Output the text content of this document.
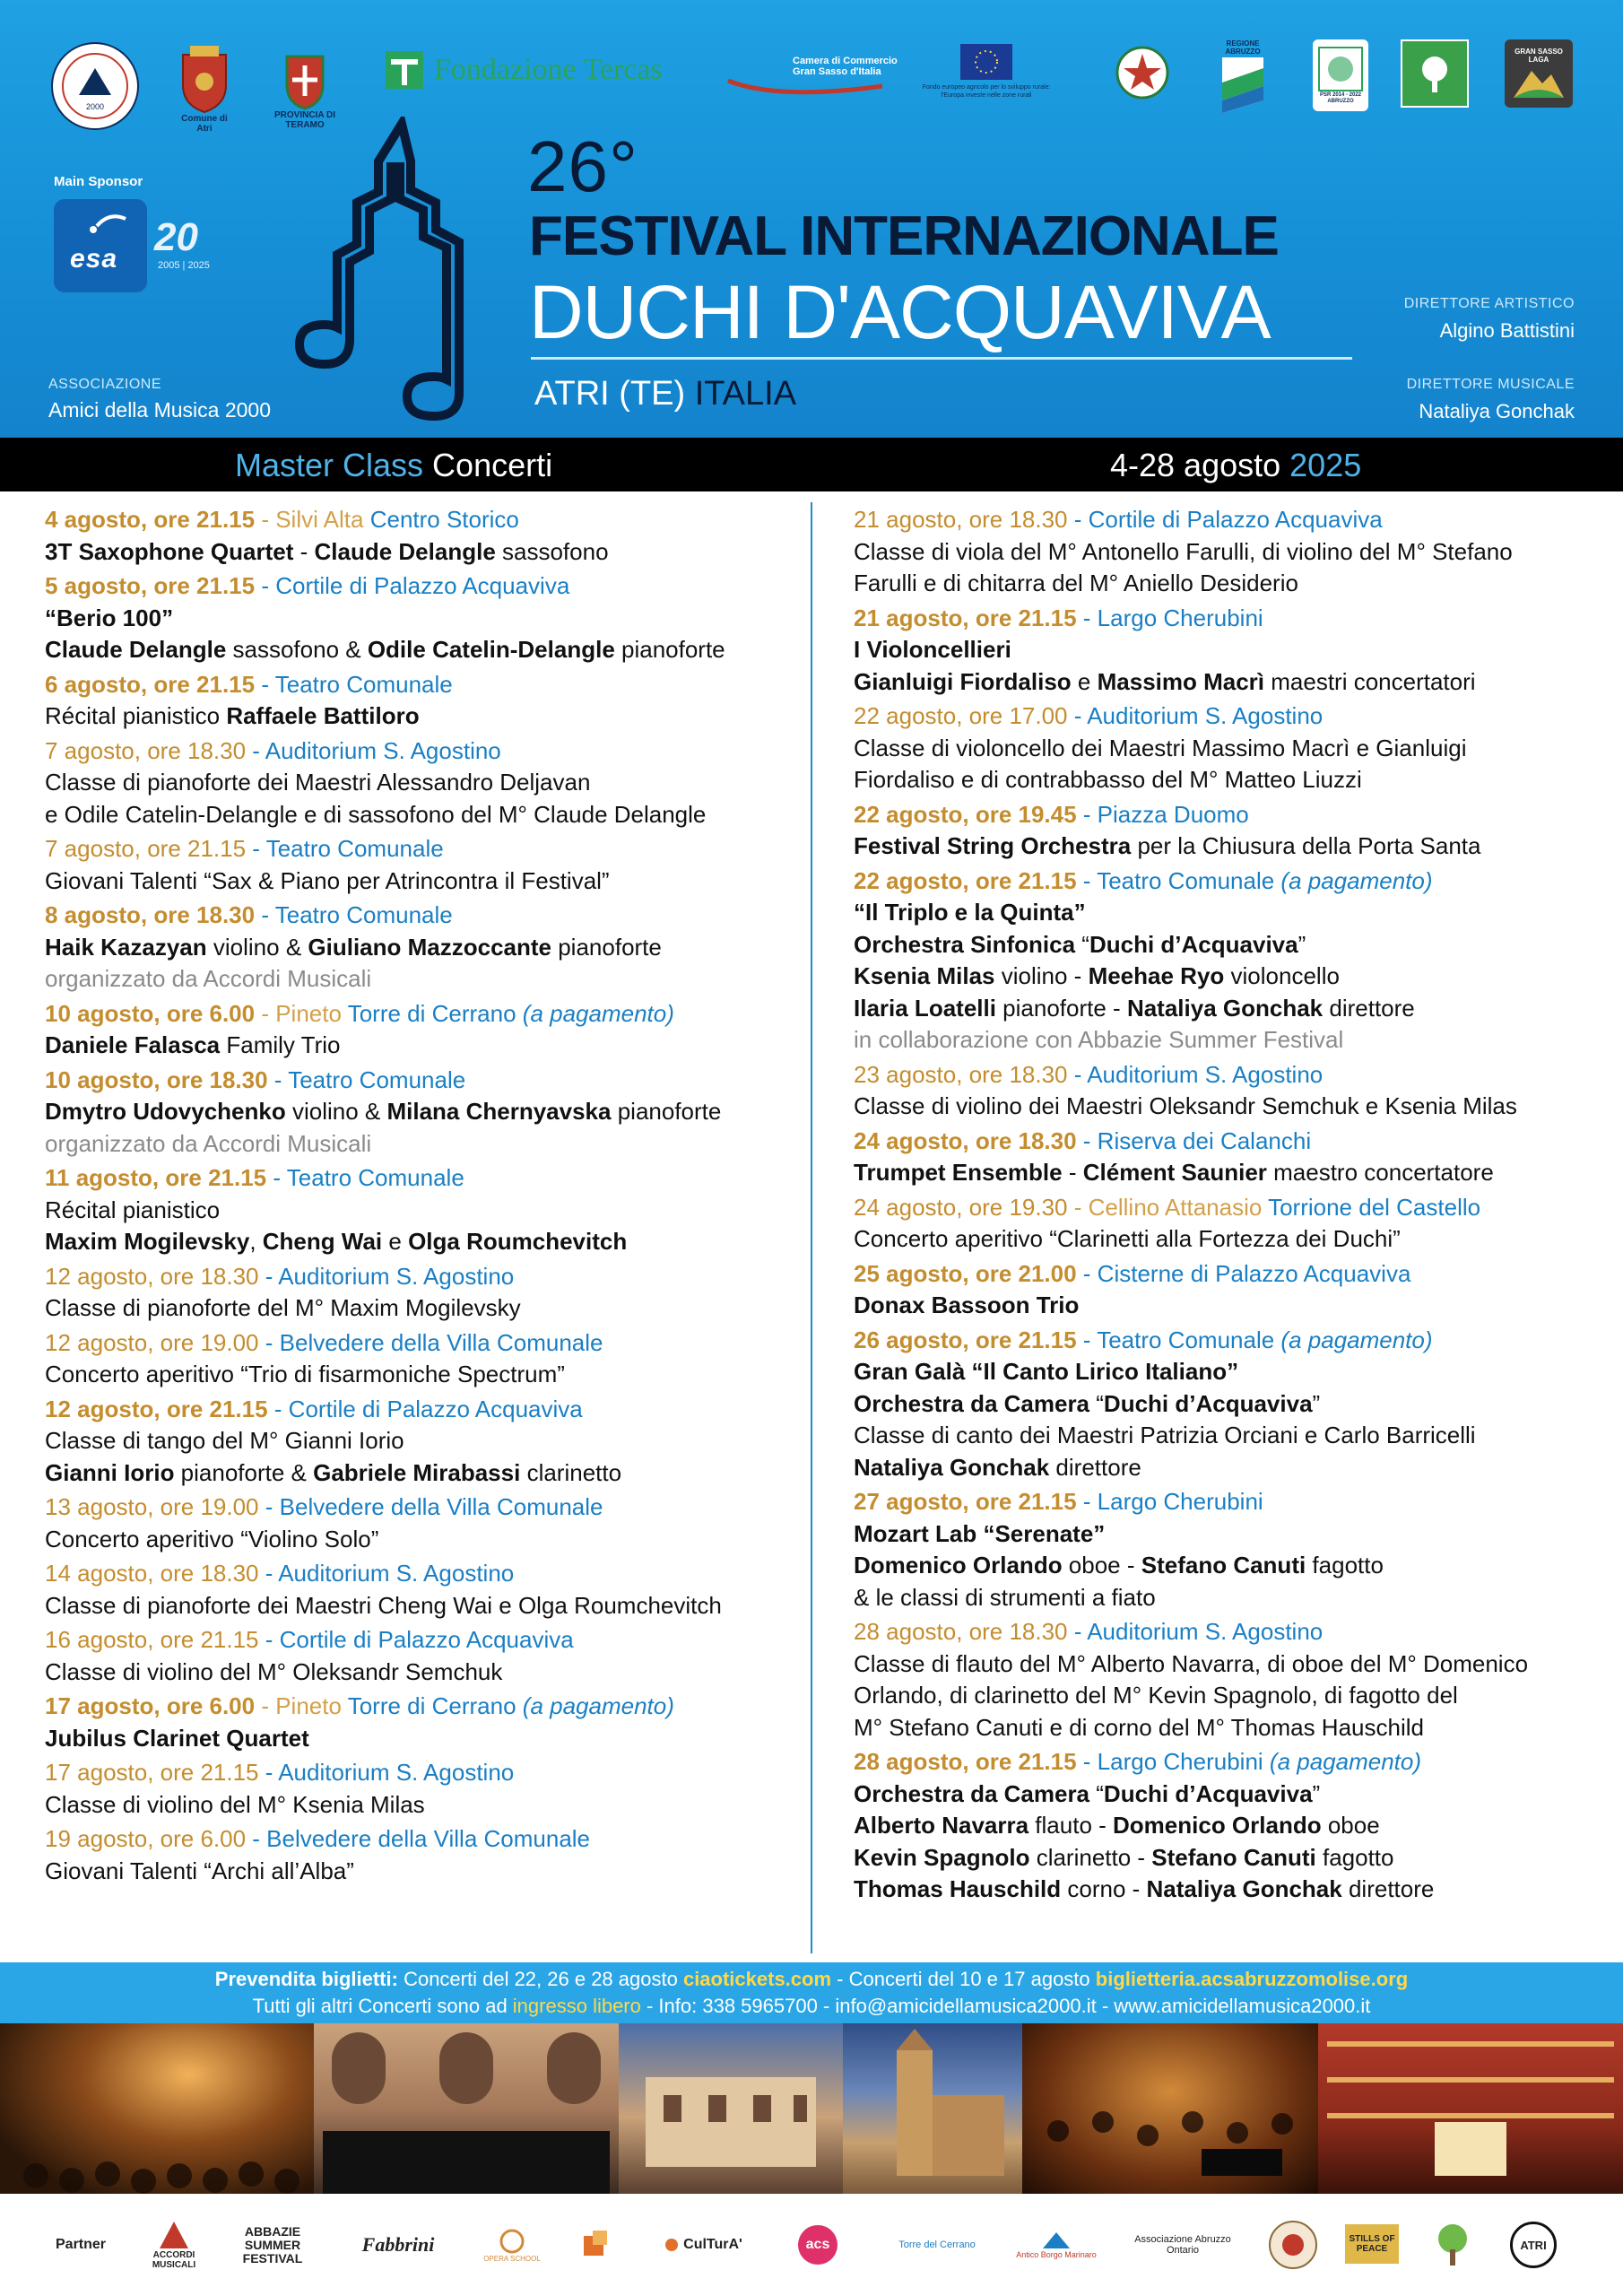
2000
Comune di Atri
PROVINCIA DI TERAMO
Fondazione Tercas	Camera di Commercio Gran Sasso d'Italia
Fondo europeo agricolo per lo sviluppo rurale: l'Europa investe nelle zone rurali
REGIONE ABRUZZO
PSR 2014 - 2022 ABRUZZO
GRAN SASSO LAGA
Main Sponsor
esa 20
2005 | 2025
26°
FESTIVAL INTERNAZIONALE
DUCHI D'ACQUAVIVA
ATRI (TE) ITALIA
ASSOCIAZIONE
Amici della Musica 2000
DIRETTORE ARTISTICO
Algino Battistini
DIRETTORE MUSICALE
Nataliya Gonchak
Master Class Concerti	4-28 agosto 2025
4 agosto, ore 21.15 - Silvi Alta Centro Storico
3T Saxophone Quartet - Claude Delangle sassofono
5 agosto, ore 21.15 - Cortile di Palazzo Acquaviva
“Berio 100”
Claude Delangle sassofono & Odile Catelin-Delangle pianoforte
6 agosto, ore 21.15 - Teatro Comunale
Récital pianistico Raffaele Battiloro
7 agosto, ore 18.30 - Auditorium S. Agostino
Classe di pianoforte dei Maestri Alessandro Deljavan
e Odile Catelin-Delangle e di sassofono del M° Claude Delangle
7 agosto, ore 21.15 - Teatro Comunale
Giovani Talenti “Sax & Piano per Atrincontra il Festival”
8 agosto, ore 18.30 - Teatro Comunale
Haik Kazazyan violino & Giuliano Mazzoccante pianoforte
organizzato da Accordi Musicali
10 agosto, ore 6.00 - Pineto Torre di Cerrano (a pagamento)
Daniele Falasca Family Trio
10 agosto, ore 18.30 - Teatro Comunale
Dmytro Udovychenko violino & Milana Chernyavska pianoforte
organizzato da Accordi Musicali
11 agosto, ore 21.15 - Teatro Comunale
Récital pianistico
Maxim Mogilevsky, Cheng Wai e Olga Roumchevitch
12 agosto, ore 18.30 - Auditorium S. Agostino
Classe di pianoforte del M° Maxim Mogilevsky
12 agosto, ore 19.00 - Belvedere della Villa Comunale
Concerto aperitivo “Trio di fisarmoniche Spectrum”
12 agosto, ore 21.15 - Cortile di Palazzo Acquaviva
Classe di tango del M° Gianni Iorio
Gianni Iorio pianoforte & Gabriele Mirabassi clarinetto
13 agosto, ore 19.00 - Belvedere della Villa Comunale
Concerto aperitivo “Violino Solo”
14 agosto, ore 18.30 - Auditorium S. Agostino
Classe di pianoforte dei Maestri Cheng Wai e Olga Roumchevitch
16 agosto, ore 21.15 - Cortile di Palazzo Acquaviva
Classe di violino del M° Oleksandr Semchuk
17 agosto, ore 6.00 - Pineto Torre di Cerrano (a pagamento)
Jubilus Clarinet Quartet
17 agosto, ore 21.15 - Auditorium S. Agostino
Classe di violino del M° Ksenia Milas
19 agosto, ore 6.00 - Belvedere della Villa Comunale
Giovani Talenti “Archi all’Alba”
21 agosto, ore 18.30 - Cortile di Palazzo Acquaviva
Classe di viola del M° Antonello Farulli, di violino del M° Stefano
Farulli e di chitarra del M° Aniello Desiderio
21 agosto, ore 21.15 - Largo Cherubini
I Violoncellieri
Gianluigi Fiordaliso e Massimo Macrì maestri concertatori
22 agosto, ore 17.00 - Auditorium S. Agostino
Classe di violoncello dei Maestri Massimo Macrì e Gianluigi
Fiordaliso e di contrabbasso del M° Matteo Liuzzi
22 agosto, ore 19.45 - Piazza Duomo
Festival String Orchestra per la Chiusura della Porta Santa
22 agosto, ore 21.15 - Teatro Comunale (a pagamento)
“Il Triplo e la Quinta”
Orchestra Sinfonica “Duchi d’Acquaviva”
Ksenia Milas violino - Meehae Ryo violoncello
Ilaria Loatelli pianoforte - Nataliya Gonchak direttore
in collaborazione con Abbazie Summer Festival
23 agosto, ore 18.30 - Auditorium S. Agostino
Classe di violino dei Maestri Oleksandr Semchuk e Ksenia Milas
24 agosto, ore 18.30 - Riserva dei Calanchi
Trumpet Ensemble - Clément Saunier maestro concertatore
24 agosto, ore 19.30 - Cellino Attanasio Torrione del Castello
Concerto aperitivo “Clarinetti alla Fortezza dei Duchi”
25 agosto, ore 21.00 - Cisterne di Palazzo Acquaviva
Donax Bassoon Trio
26 agosto, ore 21.15 - Teatro Comunale (a pagamento)
Gran Galà “Il Canto Lirico Italiano”
Orchestra da Camera “Duchi d’Acquaviva”
Classe di canto dei Maestri Patrizia Orciani e Carlo Barricelli
Nataliya Gonchak direttore
27 agosto, ore 21.15 - Largo Cherubini
Mozart Lab “Serenate”
Domenico Orlando oboe - Stefano Canuti fagotto
& le classi di strumenti a fiato
28 agosto, ore 18.30 - Auditorium S. Agostino
Classe di flauto del M° Alberto Navarra, di oboe del M° Domenico
Orlando, di clarinetto del M° Kevin Spagnolo, di fagotto del
M° Stefano Canuti e di corno del M° Thomas Hauschild
28 agosto, ore 21.15 - Largo Cherubini (a pagamento)
Orchestra da Camera “Duchi d’Acquaviva”
Alberto Navarra flauto - Domenico Orlando oboe
Kevin Spagnolo clarinetto - Stefano Canuti fagotto
Thomas Hauschild corno - Nataliya Gonchak direttore
Prevendita biglietti: Concerti del 22, 26 e 28 agosto ciaotickets.com - Concerti del 10 e 17 agosto biglietteria.acsabruzzomolise.org
Tutti gli altri Concerti sono ad ingresso libero - Info: 338 5965700 - info@amicidellamusica2000.it - www.amicidellamusica2000.it
Partner
ACCORDI MUSICALI
ABBAZIE SUMMER FESTIVAL
Fabbrini
OPERA SCHOOL
CulTurA'	acs	Torre del Cerrano
Antico Borgo Marinaro
Associazione Abruzzo Ontario
STILLS OF PEACE	ATRI
